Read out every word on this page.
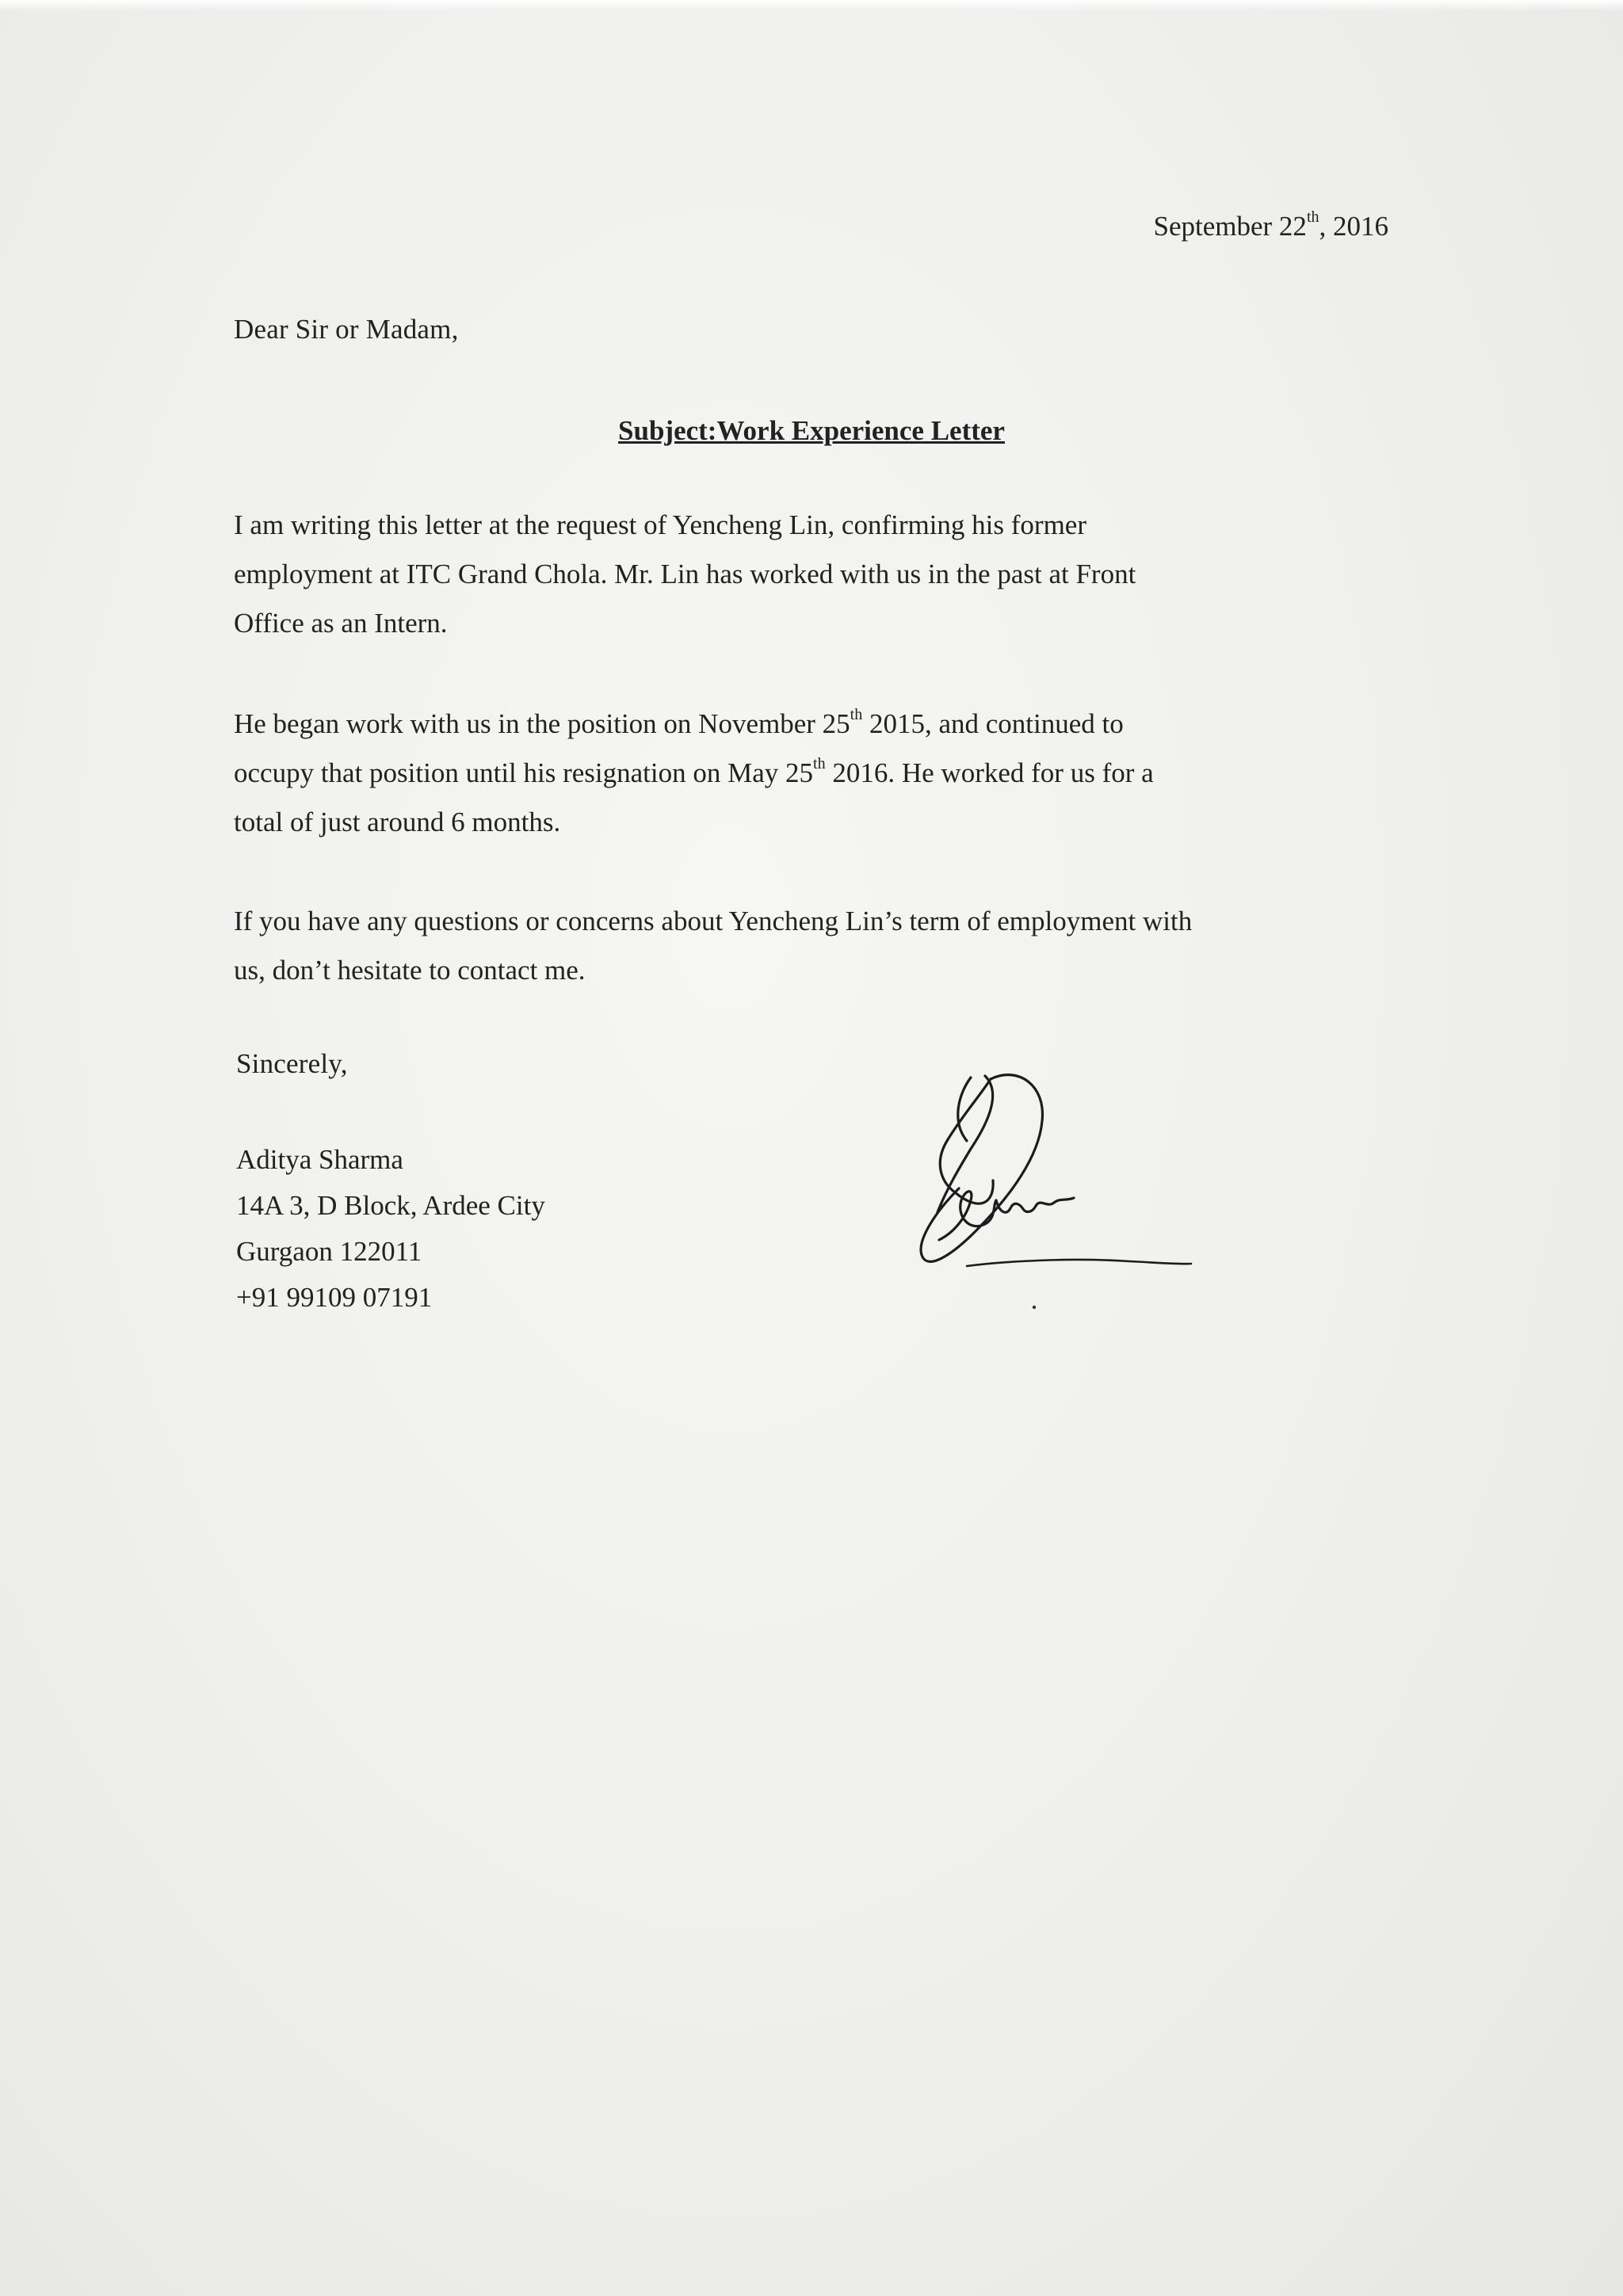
September 22th, 2016
Dear Sir or Madam,
Subject:Work Experience Letter
I am writing this letter at the request of Yencheng Lin, confirming his former
employment at ITC Grand Chola. Mr. Lin has worked with us in the past at Front
Office as an Intern.
He began work with us in the position on November 25th 2015, and continued to
occupy that position until his resignation on May 25th 2016. He worked for us for a
total of just around 6 months.
If you have any questions or concerns about Yencheng Lin’s term of employment with
us, don’t hesitate to contact me.
Sincerely,
Aditya Sharma
14A 3, D Block, Ardee City
Gurgaon 122011
+91 99109 07191
